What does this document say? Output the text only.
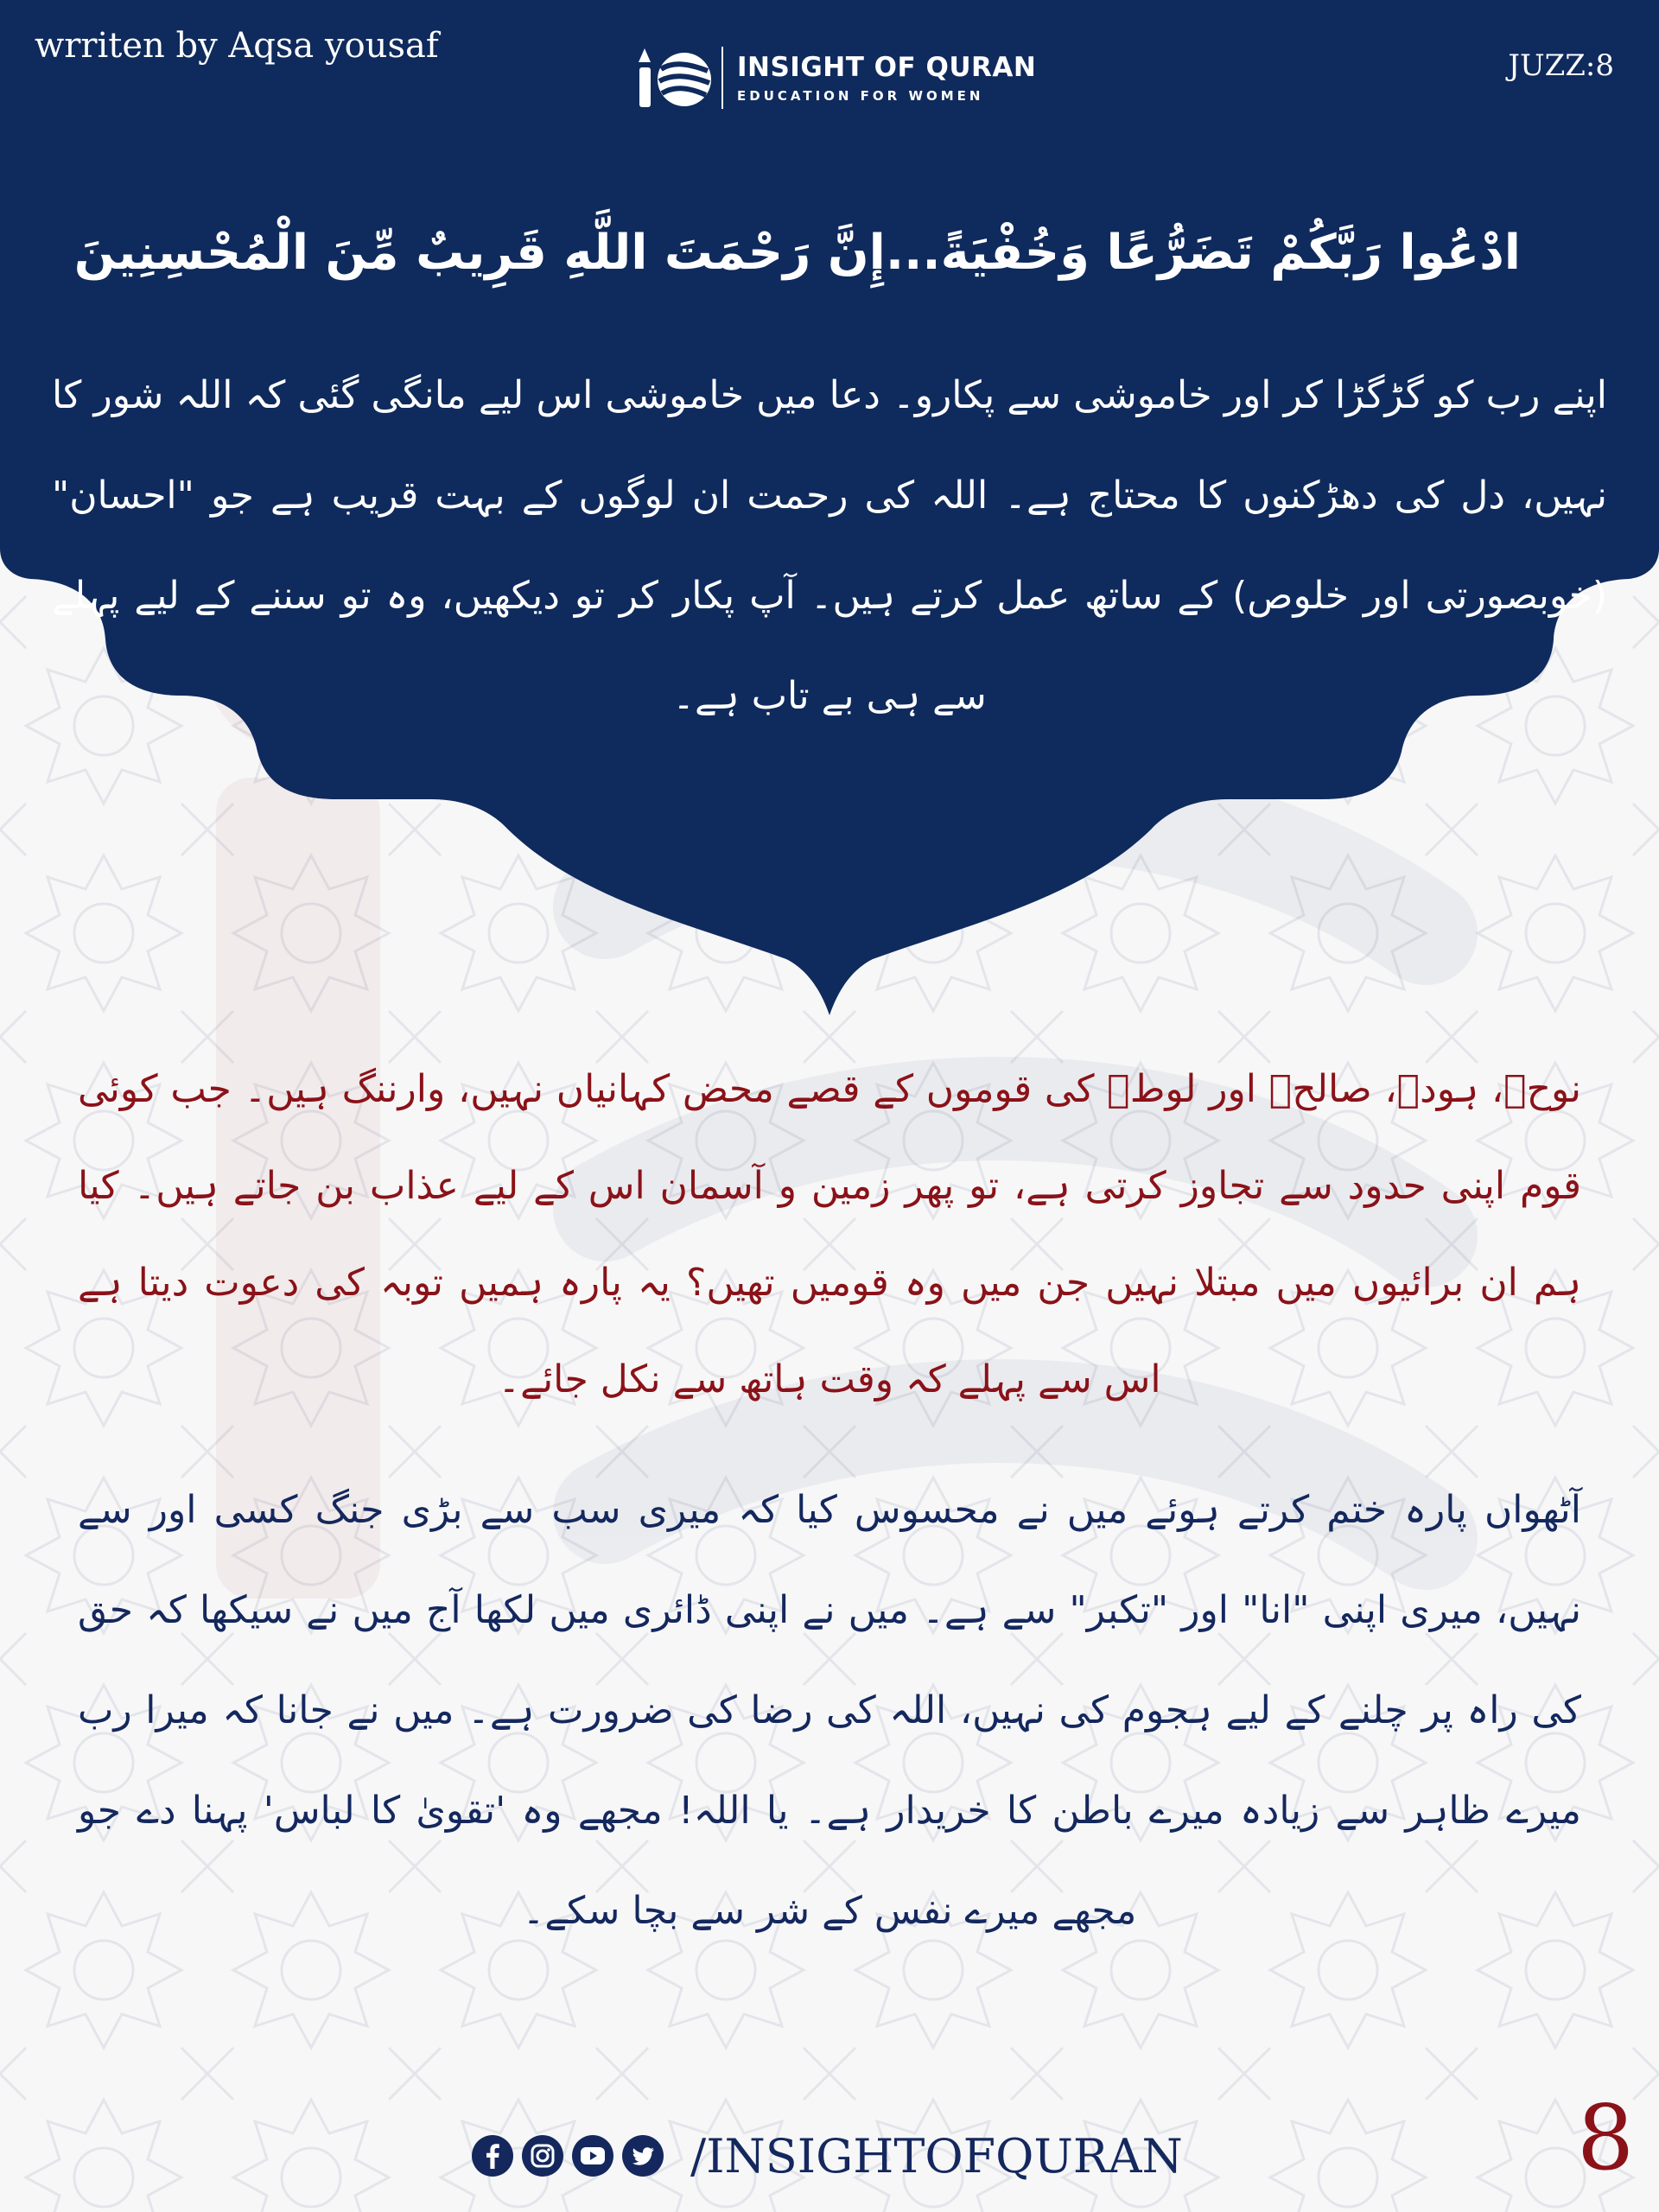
wrriten by Aqsa yousaf
INSIGHT OF QURAN
EDUCATION FOR WOMEN
JUZZ:8
ادْعُوا رَبَّكُمْ تَضَرُّعًا وَخُفْيَةً...إِنَّ رَحْمَتَ اللَّهِ قَرِيبٌ مِّنَ الْمُحْسِنِينَ
اپنے رب کو گڑگڑا کر اور خاموشی سے پکارو۔ دعا میں خاموشی اس لیے مانگی گئی کہ اللہ شور کا نہیں، دل کی دھڑکنوں کا محتاج ہے۔ اللہ کی رحمت ان لوگوں کے بہت قریب ہے جو "احسان" (خوبصورتی اور خلوص) کے ساتھ عمل کرتے ہیں۔ آپ پکار کر تو دیکھیں، وہ تو سننے کے لیے پہلے سے ہی بے تاب ہے۔
نوحؑ، ہودؑ، صالحؑ اور لوطؑ کی قوموں کے قصے محض کہانیاں نہیں، وارننگ ہیں۔ جب کوئی قوم اپنی حدود سے تجاوز کرتی ہے، تو پھر زمین و آسمان اس کے لیے عذاب بن جاتے ہیں۔ کیا ہم ان برائیوں میں مبتلا نہیں جن میں وہ قومیں تھیں؟ یہ پارہ ہمیں توبہ کی دعوت دیتا ہے اس سے پہلے کہ وقت ہاتھ سے نکل جائے۔
آٹھواں پارہ ختم کرتے ہوئے میں نے محسوس کیا کہ میری سب سے بڑی جنگ کسی اور سے نہیں، میری اپنی "انا" اور "تکبر" سے ہے۔ میں نے اپنی ڈائری میں لکھا آج میں نے سیکھا کہ حق کی راہ پر چلنے کے لیے ہجوم کی نہیں، اللہ کی رضا کی ضرورت ہے۔ میں نے جانا کہ میرا رب میرے ظاہر سے زیادہ میرے باطن کا خریدار ہے۔ یا اللہ! مجھے وہ 'تقویٰ کا لباس' پہنا دے جو مجھے میرے نفس کے شر سے بچا سکے۔
/INSIGHTOFQURAN	8
